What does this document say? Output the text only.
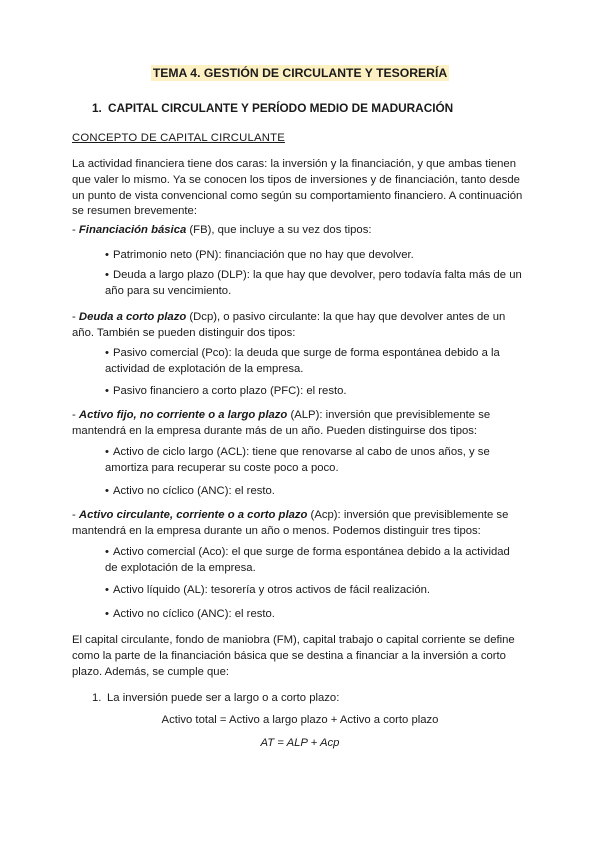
TEMA 4. GESTIÓN DE CIRCULANTE Y TESORERÍA
1. CAPITAL CIRCULANTE Y PERÍODO MEDIO DE MADURACIÓN
CONCEPTO DE CAPITAL CIRCULANTE

La actividad financiera tiene dos caras: la inversión y la financiación, y que ambas tienen que valer lo mismo. Ya se conocen los tipos de inversiones y de financiación, tanto desde un punto de vista convencional como según su comportamiento financiero. A continuación se resumen brevemente:

- Financiación básica (FB), que incluye a su vez dos tipos:

• Patrimonio neto (PN): financiación que no hay que devolver.

• Deuda a largo plazo (DLP): la que hay que devolver, pero todavía falta más de un año para su vencimiento.

- Deuda a corto plazo (Dcp), o pasivo circulante: la que hay que devolver antes de un año. También se pueden distinguir dos tipos:

• Pasivo comercial (Pco): la deuda que surge de forma espontánea debido a la actividad de explotación de la empresa.

• Pasivo financiero a corto plazo (PFC): el resto.

- Activo fijo, no corriente o a largo plazo (ALP): inversión que previsiblemente se mantendrá en la empresa durante más de un año. Pueden distinguirse dos tipos:

• Activo de ciclo largo (ACL): tiene que renovarse al cabo de unos años, y se amortiza para recuperar su coste poco a poco.

• Activo no cíclico (ANC): el resto.

- Activo circulante, corriente o a corto plazo (Acp): inversión que previsiblemente se mantendrá en la empresa durante un año o menos. Podemos distinguir tres tipos:

• Activo comercial (Aco): el que surge de forma espontánea debido a la actividad de explotación de la empresa.

• Activo líquido (AL): tesorería y otros activos de fácil realización.

• Activo no cíclico (ANC): el resto.

El capital circulante, fondo de maniobra (FM), capital trabajo o capital corriente se define como la parte de la financiación básica que se destina a financiar a la inversión a corto plazo. Además, se cumple que:

1. La inversión puede ser a largo o a corto plazo:

Activo total = Activo a largo plazo + Activo a corto plazo

AT = ALP + Acp
